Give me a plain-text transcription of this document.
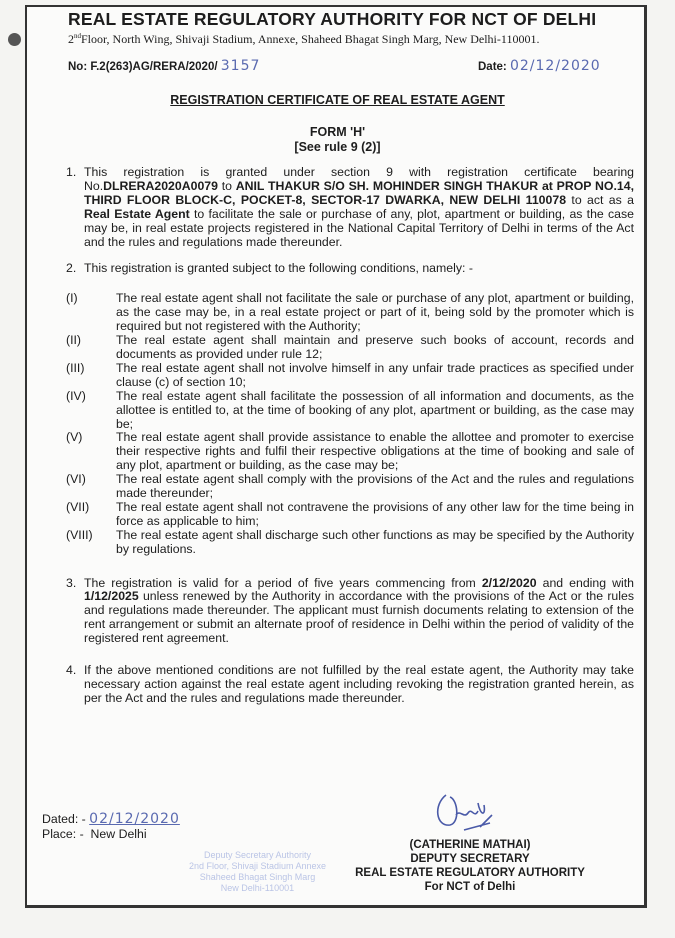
REAL ESTATE REGULATORY AUTHORITY FOR NCT OF DELHI
2ndFloor, North Wing, Shivaji Stadium, Annexe, Shaheed Bhagat Singh Marg, New Delhi-110001.
No: F.2(263)AG/RERA/2020/ 3157	Date: 02/12/2020
REGISTRATION CERTIFICATE OF REAL ESTATE AGENT
FORM 'H'
[See rule 9 (2)]
1. This registration is granted under section 9 with registration certificate bearing No.DLRERA2020A0079 to ANIL THAKUR S/O SH. MOHINDER SINGH THAKUR at PROP NO.14, THIRD FLOOR BLOCK-C, POCKET-8, SECTOR-17 DWARKA, NEW DELHI 110078 to act as a Real Estate Agent to facilitate the sale or purchase of any, plot, apartment or building, as the case may be, in real estate projects registered in the National Capital Territory of Delhi in terms of the Act and the rules and regulations made thereunder.
2. This registration is granted subject to the following conditions, namely: -
(I)	The real estate agent shall not facilitate the sale or purchase of any plot, apartment or building, as the case may be, in a real estate project or part of it, being sold by the promoter which is required but not registered with the Authority;
(II)	The real estate agent shall maintain and preserve such books of account, records and documents as provided under rule 12;
(III)	The real estate agent shall not involve himself in any unfair trade practices as specified under clause (c) of section 10;
(IV)	The real estate agent shall facilitate the possession of all information and documents, as the allottee is entitled to, at the time of booking of any plot, apartment or building, as the case may be;
(V)	The real estate agent shall provide assistance to enable the allottee and promoter to exercise their respective rights and fulfil their respective obligations at the time of booking and sale of any plot, apartment or building, as the case may be;
(VI)	The real estate agent shall comply with the provisions of the Act and the rules and regulations made thereunder;
(VII)	The real estate agent shall not contravene the provisions of any other law for the time being in force as applicable to him;
(VIII)	The real estate agent shall discharge such other functions as may be specified by the Authority by regulations.
3. The registration is valid for a period of five years commencing from 2/12/2020 and ending with 1/12/2025 unless renewed by the Authority in accordance with the provisions of the Act or the rules and regulations made thereunder. The applicant must furnish documents relating to extension of the rent arrangement or submit an alternate proof of residence in Delhi within the period of validity of the registered rent agreement.
4. If the above mentioned conditions are not fulfilled by the real estate agent, the Authority may take necessary action against the real estate agent including revoking the registration granted herein, as per the Act and the rules and regulations made thereunder.
Dated: - 02/12/2020
Place: - New Delhi
Deputy Secretary Authority
2nd Floor, Shivaji Stadium Annexe
Shaheed Bhagat Singh Marg
New Delhi-110001
(CATHERINE MATHAI)
DEPUTY SECRETARY
REAL ESTATE REGULATORY AUTHORITY
For NCT of Delhi
